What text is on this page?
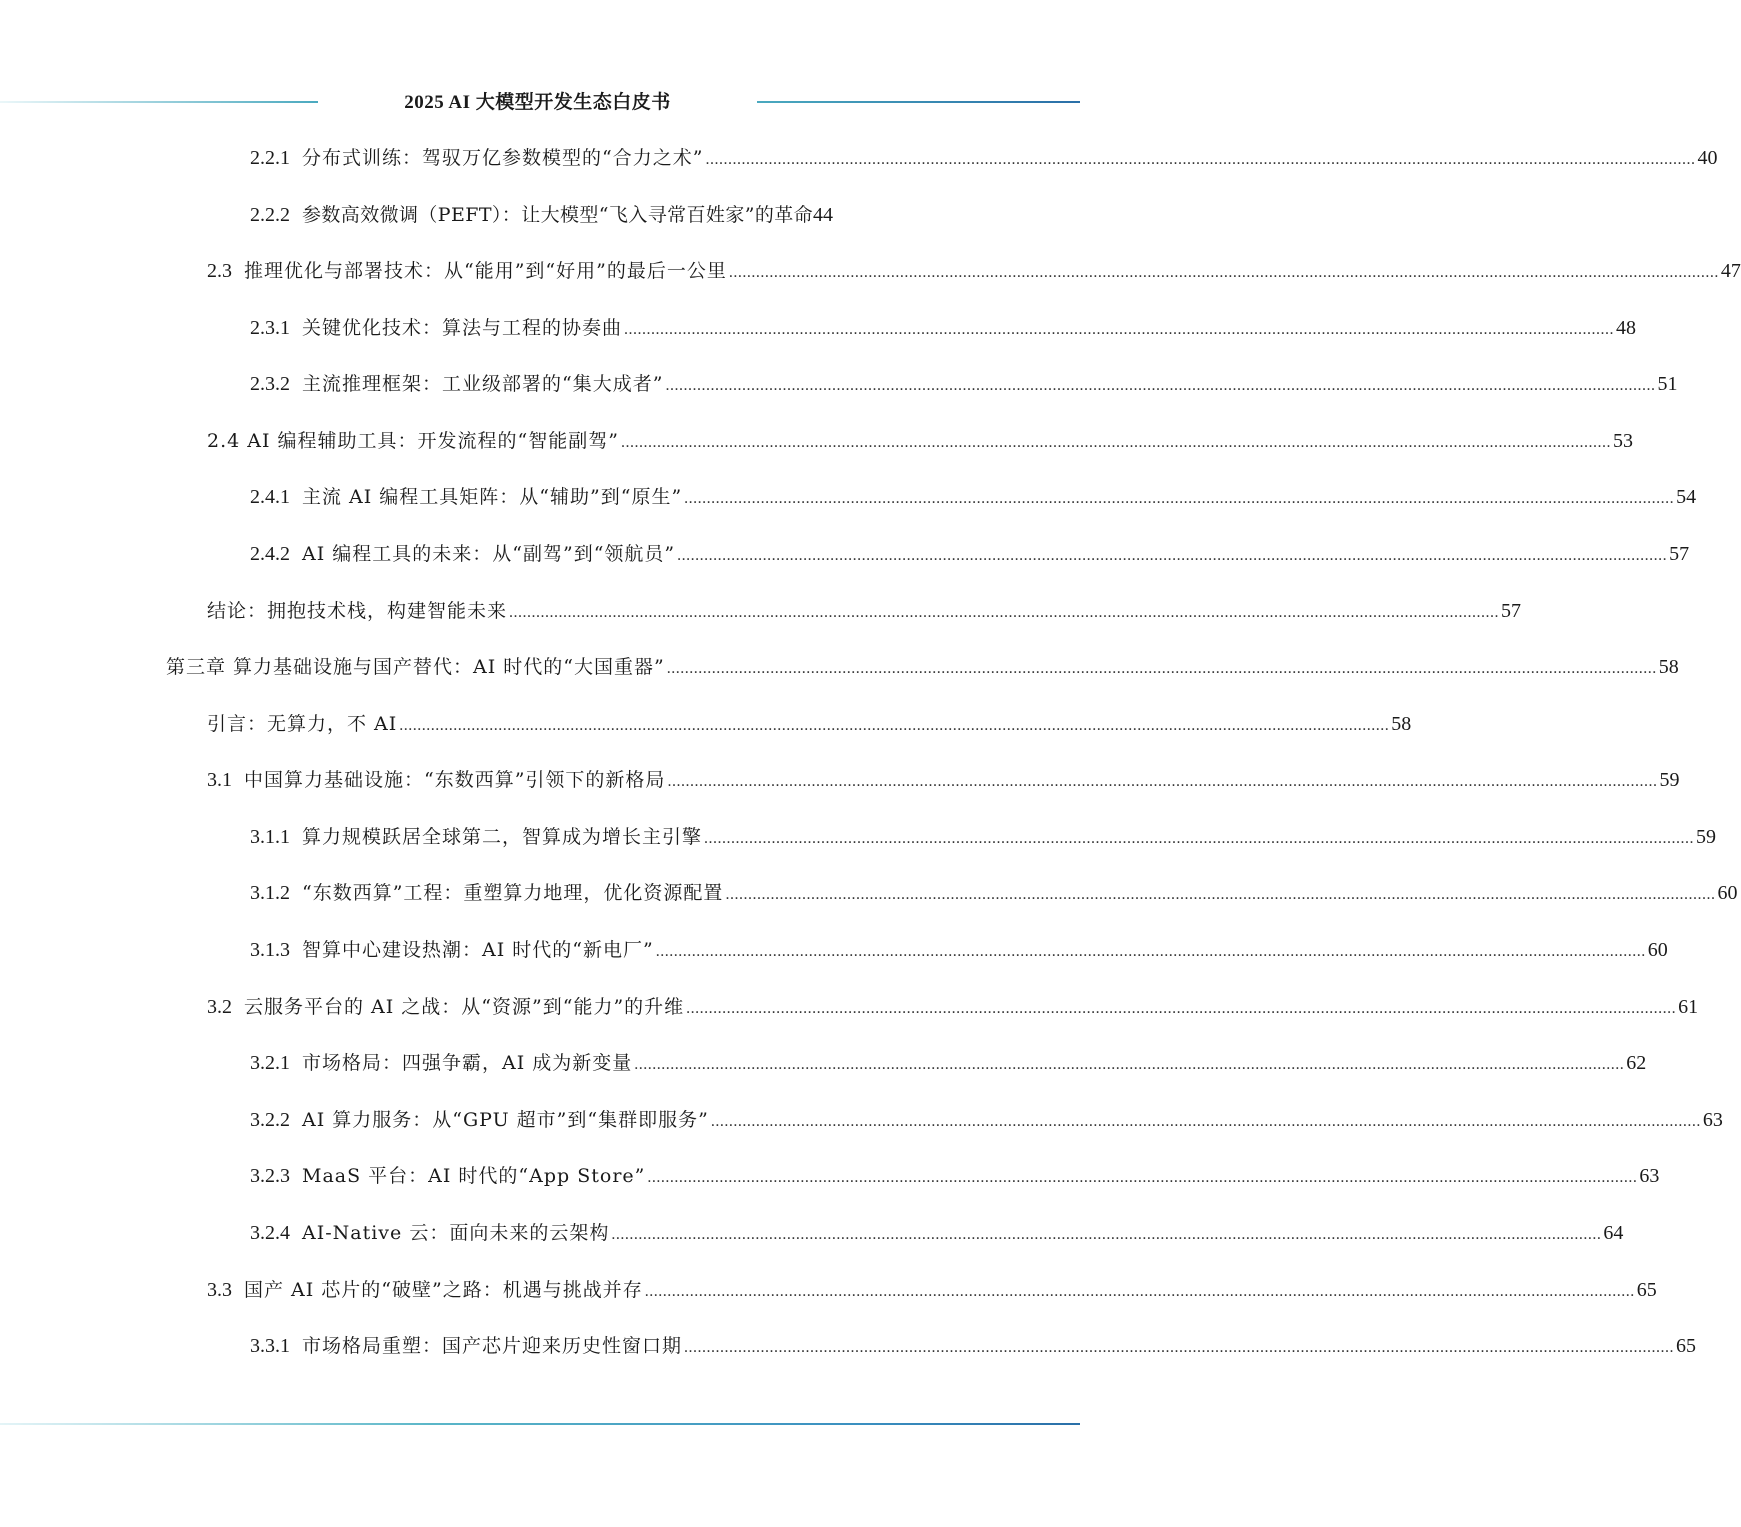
2025 AI 大模型开发生态白皮书
2.2.1 分布式训练：驾驭万亿参数模型的“合力之术” .....	40
2.2.2 参数高效微调（PEFT）：让大模型“飞入寻常百姓家”的革命 44
2.3 推理优化与部署技术：从“能用”到“好用”的最后一公里 .....	47
2.3.1 关键优化技术：算法与工程的协奏曲 .....	48
2.3.2 主流推理框架：工业级部署的“集大成者” .....	51
2.4 AI 编程辅助工具：开发流程的“智能副驾” .....	53
2.4.1 主流 AI 编程工具矩阵：从“辅助”到“原生” .....	54
2.4.2 AI 编程工具的未来：从“副驾”到“领航员” .....	57
结论：拥抱技术栈，构建智能未来 .....	57
第三章 算力基础设施与国产替代：AI 时代的“大国重器” .....	58
引言：无算力，不 AI .....	58
3.1 中国算力基础设施：“东数西算”引领下的新格局 .....	59
3.1.1 算力规模跃居全球第二，智算成为增长主引擎 .....	59
3.1.2 “东数西算”工程：重塑算力地理，优化资源配置 .....	60
3.1.3 智算中心建设热潮：AI 时代的“新电厂” .....	60
3.2 云服务平台的 AI 之战：从“资源”到“能力”的升维 .....	61
3.2.1 市场格局：四强争霸，AI 成为新变量 .....	62
3.2.2 AI 算力服务：从“GPU 超市”到“集群即服务” .....	63
3.2.3 MaaS 平台：AI 时代的“App Store” .....	63
3.2.4 AI-Native 云：面向未来的云架构 .....	64
3.3 国产 AI 芯片的“破壁”之路：机遇与挑战并存 .....	65
3.3.1 市场格局重塑：国产芯片迎来历史性窗口期 .....	65
